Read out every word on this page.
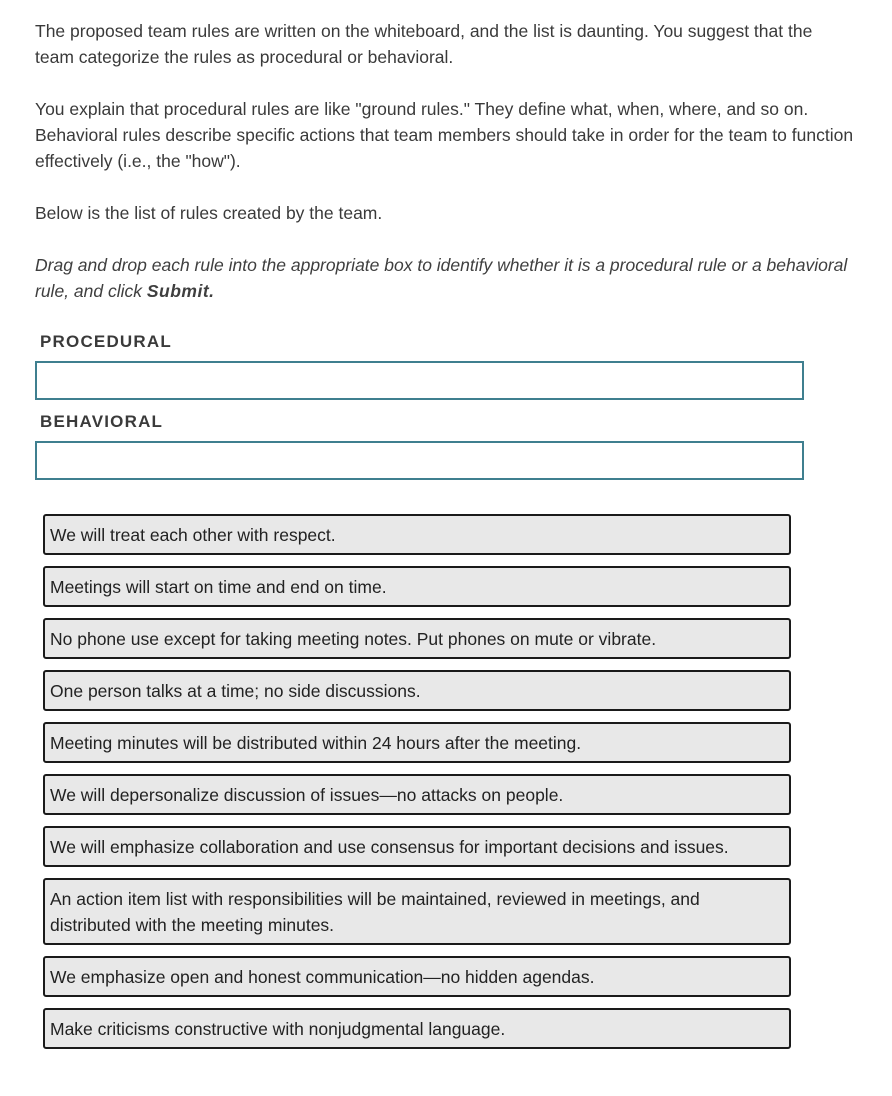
The proposed team rules are written on the whiteboard, and the list is daunting. You suggest that the team categorize the rules as procedural or behavioral.

You explain that procedural rules are like "ground rules." They define what, when, where, and so on. Behavioral rules describe specific actions that team members should take in order for the team to function effectively (i.e., the "how").

Below is the list of rules created by the team.

Drag and drop each rule into the appropriate box to identify whether it is a procedural rule or a behavioral rule, and click Submit.

PROCEDURAL
BEHAVIORAL
We will treat each other with respect.
Meetings will start on time and end on time.
No phone use except for taking meeting notes. Put phones on mute or vibrate.
One person talks at a time; no side discussions.
Meeting minutes will be distributed within 24 hours after the meeting.
We will depersonalize discussion of issues—no attacks on people.
We will emphasize collaboration and use consensus for important decisions and issues.
An action item list with responsibilities will be maintained, reviewed in meetings, and distributed with the meeting minutes.
We emphasize open and honest communication—no hidden agendas.
Make criticisms constructive with nonjudgmental language.
